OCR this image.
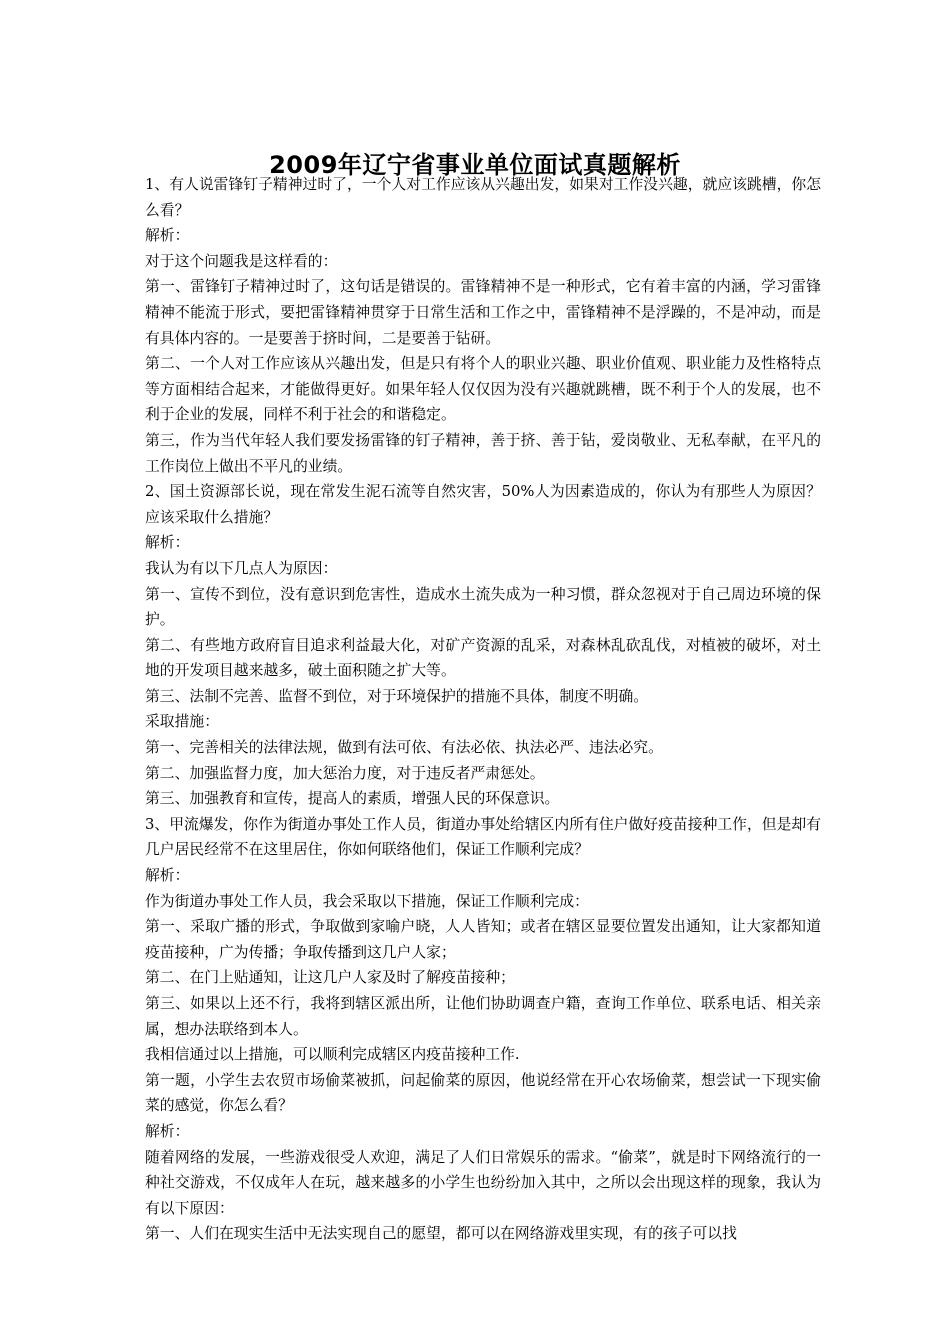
2009年辽宁省事业单位面试真题解析

1、有人说雷锋钉子精神过时了，一个人对工作应该从兴趣出发，如果对工作没兴趣，就应该跳槽，你怎么看？

解析：

对于这个问题我是这样看的：

第一、雷锋钉子精神过时了，这句话是错误的。雷锋精神不是一种形式，它有着丰富的内涵，学习雷锋精神不能流于形式，要把雷锋精神贯穿于日常生活和工作之中，雷锋精神不是浮躁的，不是冲动，而是有具体内容的。一是要善于挤时间，二是要善于钻研。

第二、一个人对工作应该从兴趣出发，但是只有将个人的职业兴趣、职业价值观、职业能力及性格特点等方面相结合起来，才能做得更好。如果年轻人仅仅因为没有兴趣就跳槽，既不利于个人的发展，也不利于企业的发展，同样不利于社会的和谐稳定。

第三，作为当代年轻人我们要发扬雷锋的钉子精神，善于挤、善于钻，爱岗敬业、无私奉献，在平凡的工作岗位上做出不平凡的业绩。

2、国土资源部长说，现在常发生泥石流等自然灾害，50%人为因素造成的，你认为有那些人为原因？应该采取什么措施？

解析：

我认为有以下几点人为原因：

第一、宣传不到位，没有意识到危害性，造成水土流失成为一种习惯，群众忽视对于自己周边环境的保护。

第二、有些地方政府盲目追求利益最大化，对矿产资源的乱采，对森林乱砍乱伐，对植被的破坏，对土地的开发项目越来越多，破土面积随之扩大等。

第三、法制不完善、监督不到位，对于环境保护的措施不具体，制度不明确。

采取措施：

第一、完善相关的法律法规，做到有法可依、有法必依、执法必严、违法必究。

第二、加强监督力度，加大惩治力度，对于违反者严肃惩处。

第三、加强教育和宣传，提高人的素质，增强人民的环保意识。

3、甲流爆发，你作为街道办事处工作人员，街道办事处给辖区内所有住户做好疫苗接种工作，但是却有几户居民经常不在这里居住，你如何联络他们，保证工作顺利完成？

解析：

作为街道办事处工作人员，我会采取以下措施，保证工作顺利完成：

第一、采取广播的形式，争取做到家喻户晓，人人皆知；或者在辖区显要位置发出通知，让大家都知道疫苗接种，广为传播；争取传播到这几户人家；

第二、在门上贴通知，让这几户人家及时了解疫苗接种；

第三、如果以上还不行，我将到辖区派出所，让他们协助调查户籍，查询工作单位、联系电话、相关亲属，想办法联络到本人。

我相信通过以上措施，可以顺利完成辖区内疫苗接种工作.

第一题，小学生去农贸市场偷菜被抓，问起偷菜的原因，他说经常在开心农场偷菜，想尝试一下现实偷菜的感觉，你怎么看？

解析：

随着网络的发展，一些游戏很受人欢迎，满足了人们日常娱乐的需求。“偷菜”，就是时下网络流行的一种社交游戏，不仅成年人在玩，越来越多的小学生也纷纷加入其中，之所以会出现这样的现象，我认为有以下原因：

第一、人们在现实生活中无法实现自己的愿望，都可以在网络游戏里实现，有的孩子可以找
